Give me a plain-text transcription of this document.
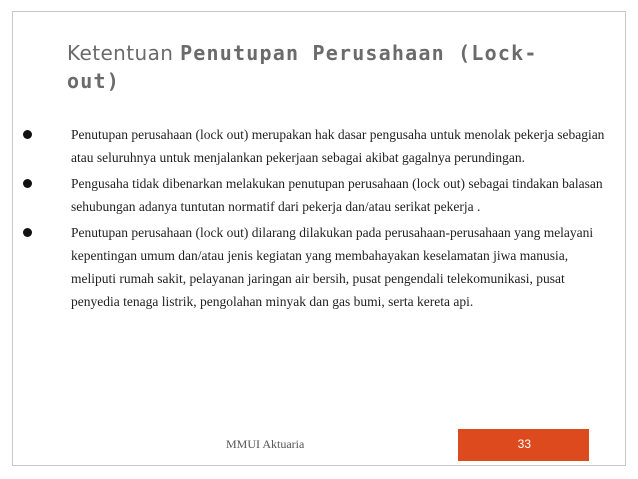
Ketentuan Penutupan Perusahaan (Lock-out)
Penutupan perusahaan (lock out) merupakan hak dasar pengusaha untuk menolak pekerja sebagian atau seluruhnya untuk menjalankan pekerjaan sebagai akibat gagalnya perundingan.
Pengusaha tidak dibenarkan melakukan penutupan perusahaan (lock out) sebagai tindakan balasan sehubungan adanya tuntutan normatif dari pekerja dan/atau serikat pekerja .
Penutupan perusahaan (lock out) dilarang dilakukan pada perusahaan-perusahaan yang melayani kepentingan umum dan/atau jenis kegiatan yang membahayakan keselamatan jiwa manusia, meliputi rumah sakit, pelayanan jaringan air bersih, pusat pengendali telekomunikasi, pusat penyedia tenaga listrik, pengolahan minyak dan gas bumi, serta kereta api.
MMUI Aktuaria	33
